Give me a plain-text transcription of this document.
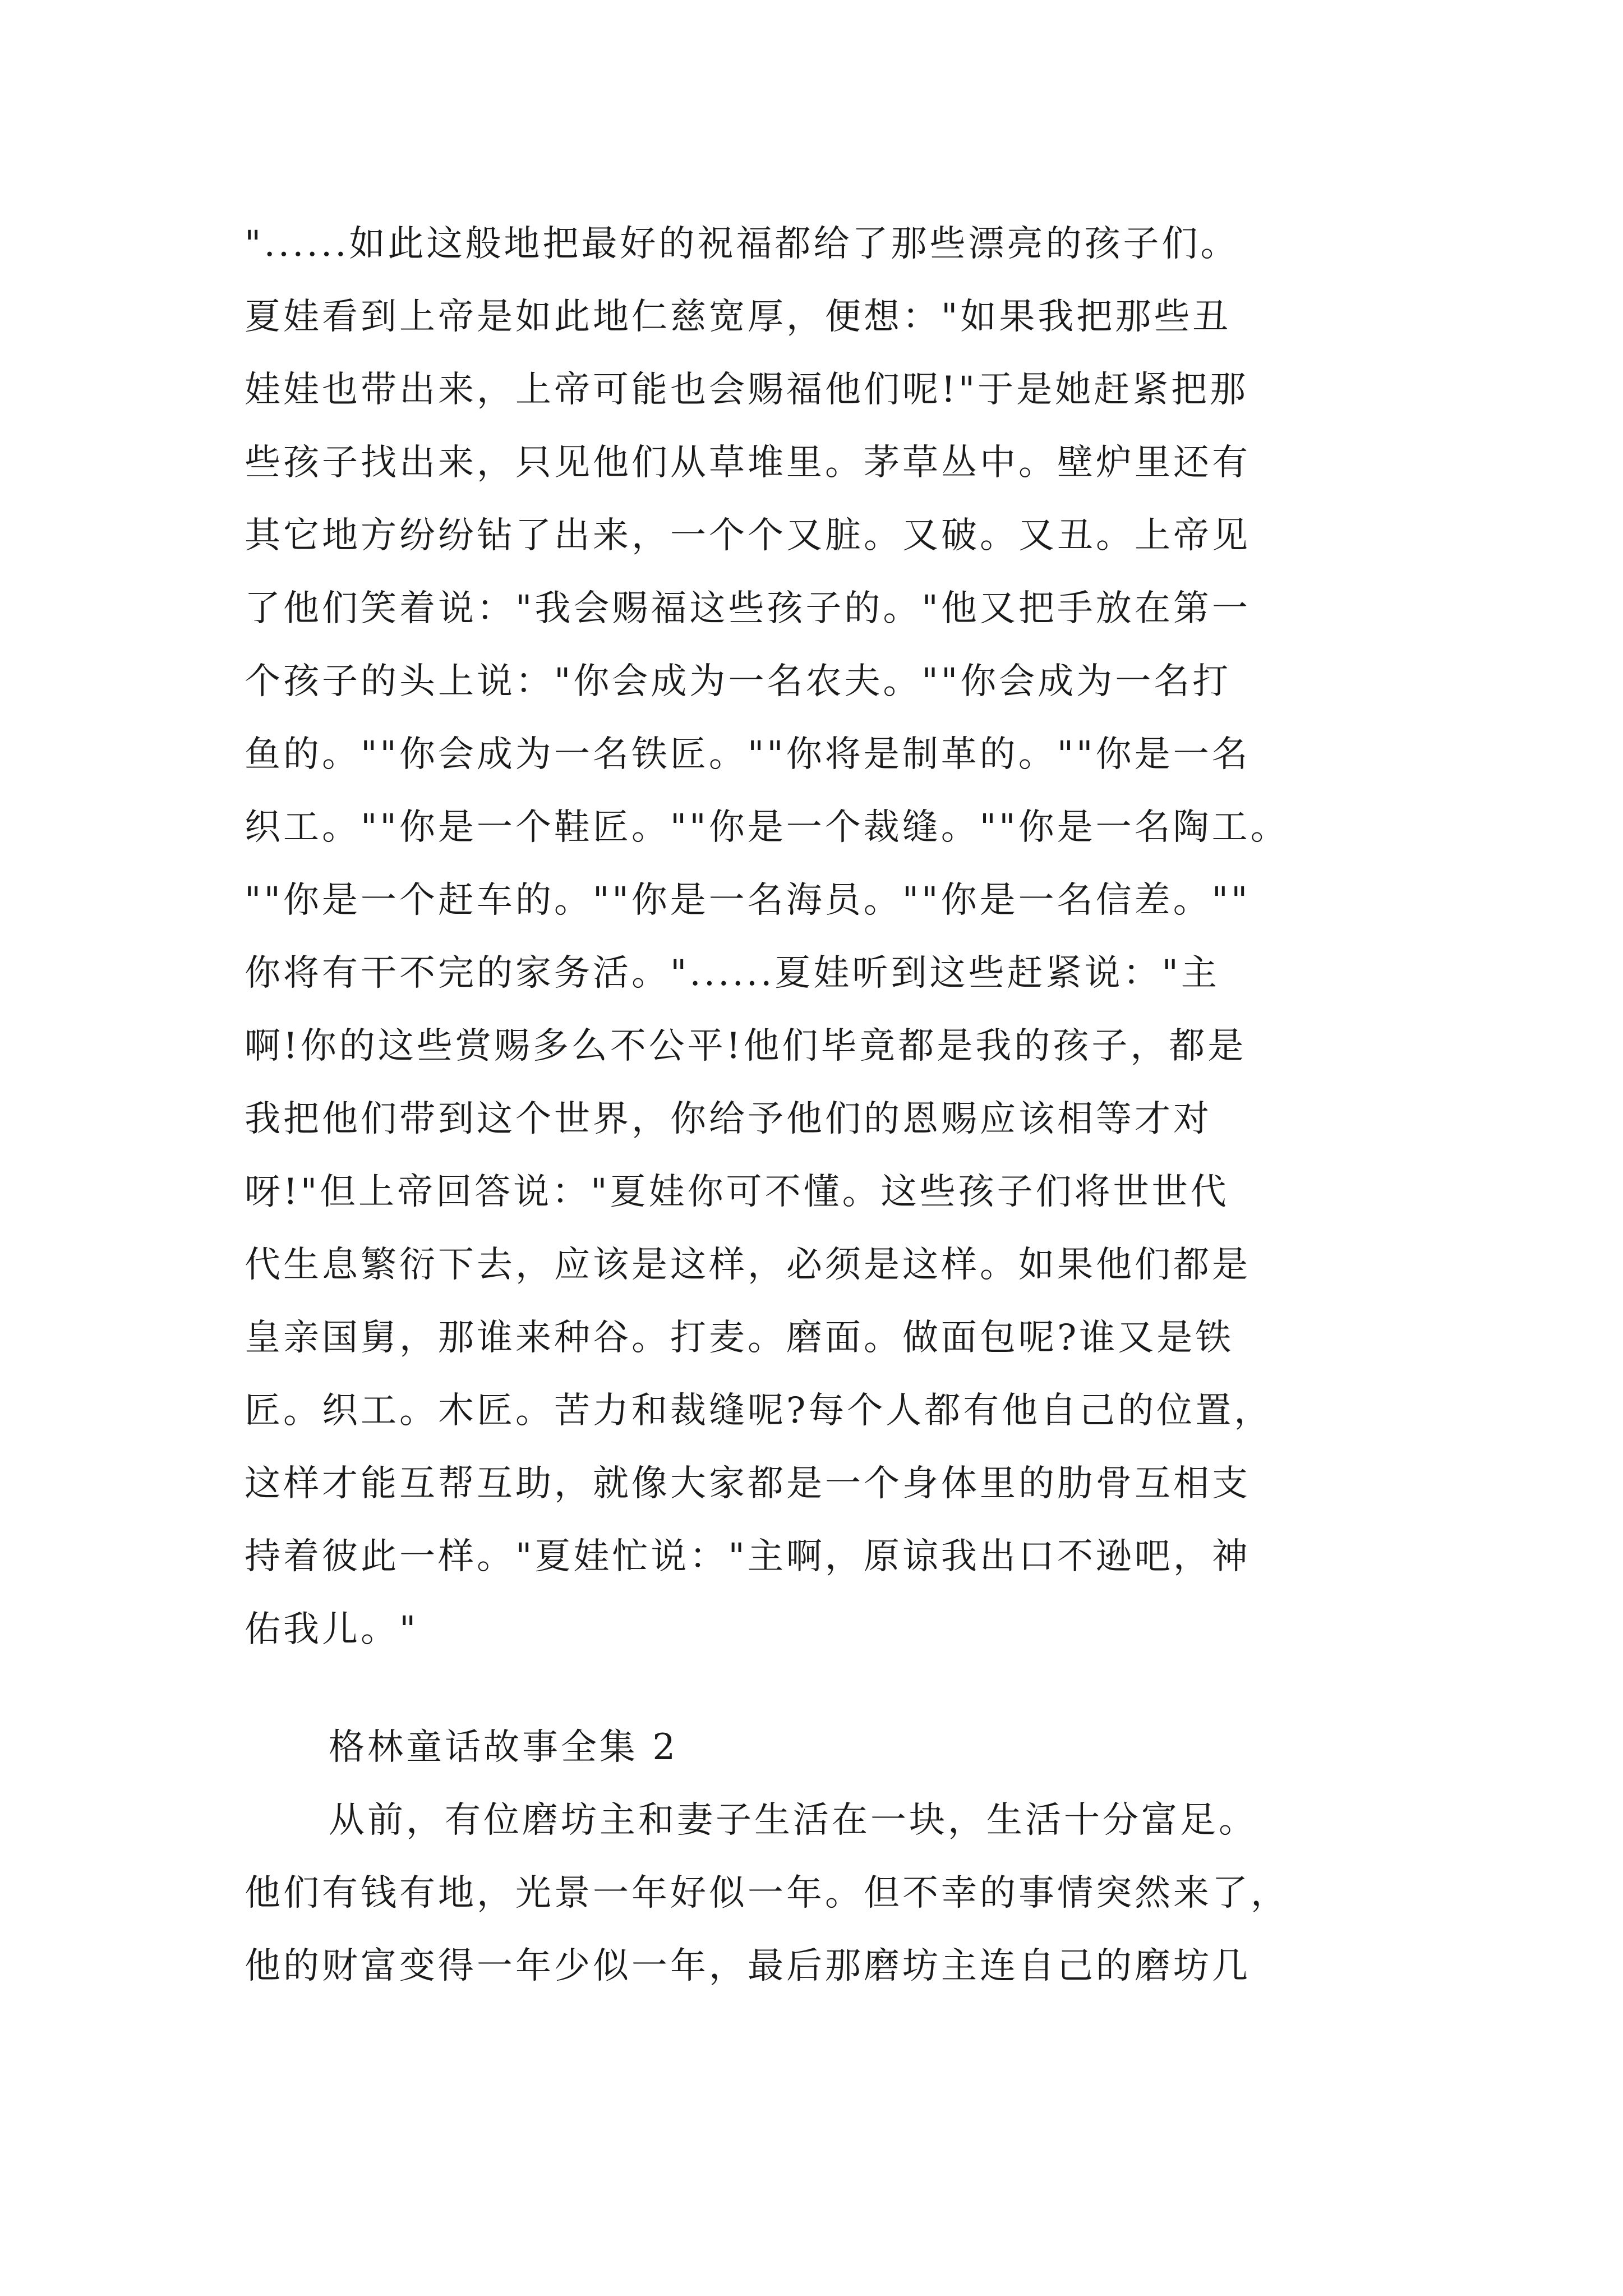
"......如此这般地把最好的祝福都给了那些漂亮的孩子们。
夏娃看到上帝是如此地仁慈宽厚，便想："如果我把那些丑
娃娃也带出来，上帝可能也会赐福他们呢!"于是她赶紧把那
些孩子找出来，只见他们从草堆里。茅草丛中。壁炉里还有
其它地方纷纷钻了出来，一个个又脏。又破。又丑。上帝见
了他们笑着说："我会赐福这些孩子的。"他又把手放在第一
个孩子的头上说："你会成为一名农夫。""你会成为一名打
鱼的。""你会成为一名铁匠。""你将是制革的。""你是一名
织工。""你是一个鞋匠。""你是一个裁缝。""你是一名陶工。
""你是一个赶车的。""你是一名海员。""你是一名信差。""
你将有干不完的家务活。"......夏娃听到这些赶紧说："主
啊!你的这些赏赐多么不公平!他们毕竟都是我的孩子，都是
我把他们带到这个世界，你给予他们的恩赐应该相等才对
呀!"但上帝回答说："夏娃你可不懂。这些孩子们将世世代
代生息繁衍下去，应该是这样，必须是这样。如果他们都是
皇亲国舅，那谁来种谷。打麦。磨面。做面包呢?谁又是铁
匠。织工。木匠。苦力和裁缝呢?每个人都有他自己的位置，
这样才能互帮互助，就像大家都是一个身体里的肋骨互相支
持着彼此一样。"夏娃忙说："主啊，原谅我出口不逊吧，神
佑我儿。"
格林童话故事全集 2
从前，有位磨坊主和妻子生活在一块，生活十分富足。
他们有钱有地，光景一年好似一年。但不幸的事情突然来了，
他的财富变得一年少似一年，最后那磨坊主连自己的磨坊几
